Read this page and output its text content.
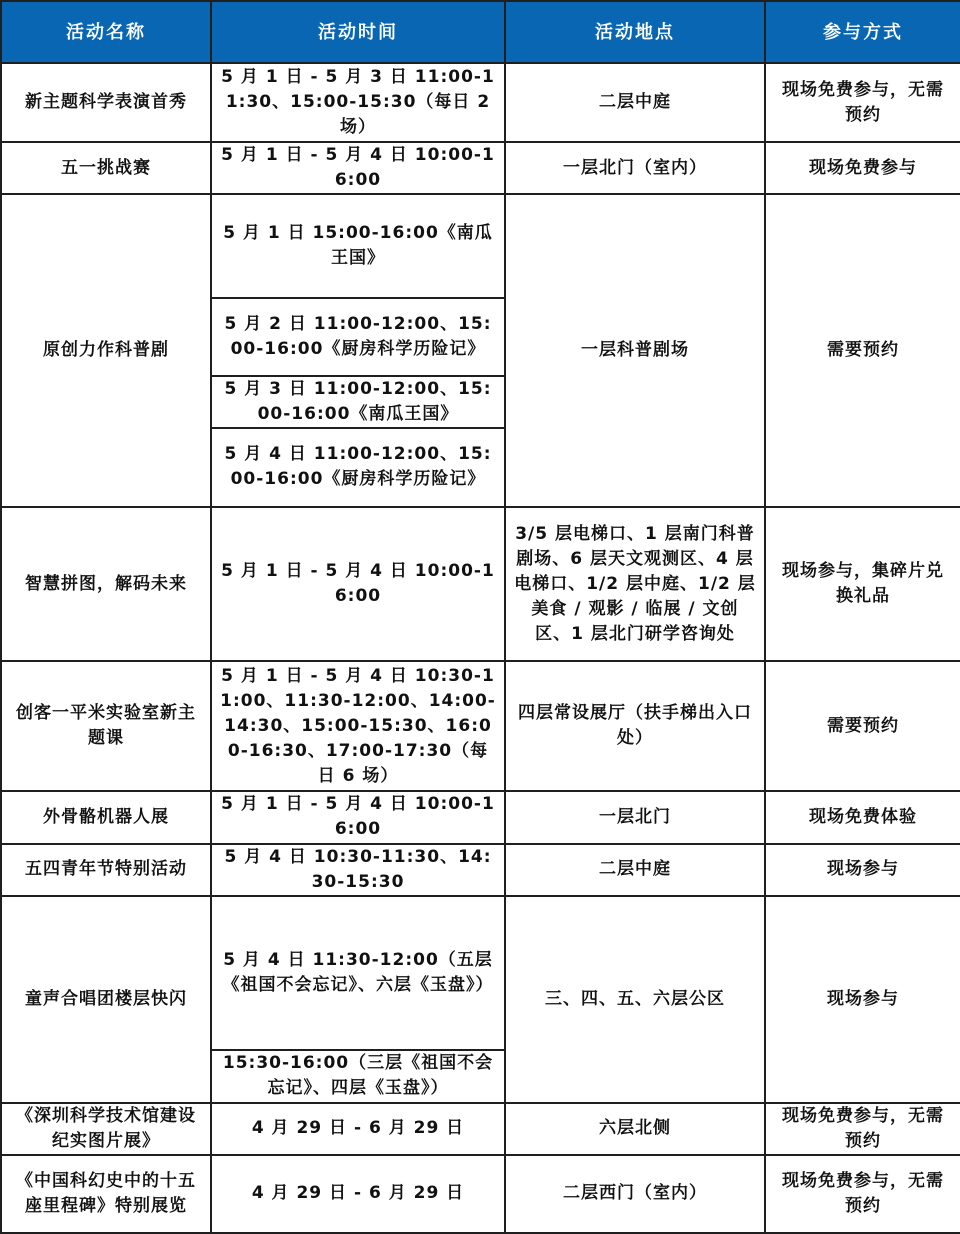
活动名称	活动时间	活动地点	参与方式
新主题科学表演首秀	5 月 1 日 - 5 月 3 日 11:00-11:30、15:00-15:30（每日 2 场）	二层中庭	现场免费参与，无需预约
五一挑战赛	5 月 1 日 - 5 月 4 日 10:00-16:00	一层北门（室内）	现场免费参与
原创力作科普剧	5 月 1 日 15:00-16:00《南瓜王国》	一层科普剧场	需要预约
	5 月 2 日 11:00-12:00、15:00-16:00《厨房科学历险记》		
	5 月 3 日 11:00-12:00、15:00-16:00《南瓜王国》		
	5 月 4 日 11:00-12:00、15:00-16:00《厨房科学历险记》		
智慧拼图，解码未来	5 月 1 日 - 5 月 4 日 10:00-16:00	3/5 层电梯口、1 层南门科普剧场、6 层天文观测区、4 层电梯口、1/2 层中庭、1/2 层美食 / 观影 / 临展 / 文创区、1 层北门研学咨询处	现场参与，集碎片兑换礼品
创客一平米实验室新主题课	5 月 1 日 - 5 月 4 日 10:30-11:00、11:30-12:00、14:00-14:30、15:00-15:30、16:00-16:30、17:00-17:30（每日 6 场）	四层常设展厅（扶手梯出入口处）	需要预约
外骨骼机器人展	5 月 1 日 - 5 月 4 日 10:00-16:00	一层北门	现场免费体验
五四青年节特别活动	5 月 4 日 10:30-11:30、14:30-15:30	二层中庭	现场参与
童声合唱团楼层快闪	5 月 4 日 11:30-12:00（五层《祖国不会忘记》、六层《玉盘》）	三、四、五、六层公区	现场参与
	15:30-16:00（三层《祖国不会忘记》、四层《玉盘》）		
《深圳科学技术馆建设纪实图片展》	4 月 29 日 - 6 月 29 日	六层北侧	现场免费参与，无需预约
《中国科幻史中的十五座里程碑》特别展览	4 月 29 日 - 6 月 29 日	二层西门（室内）	现场免费参与，无需预约
